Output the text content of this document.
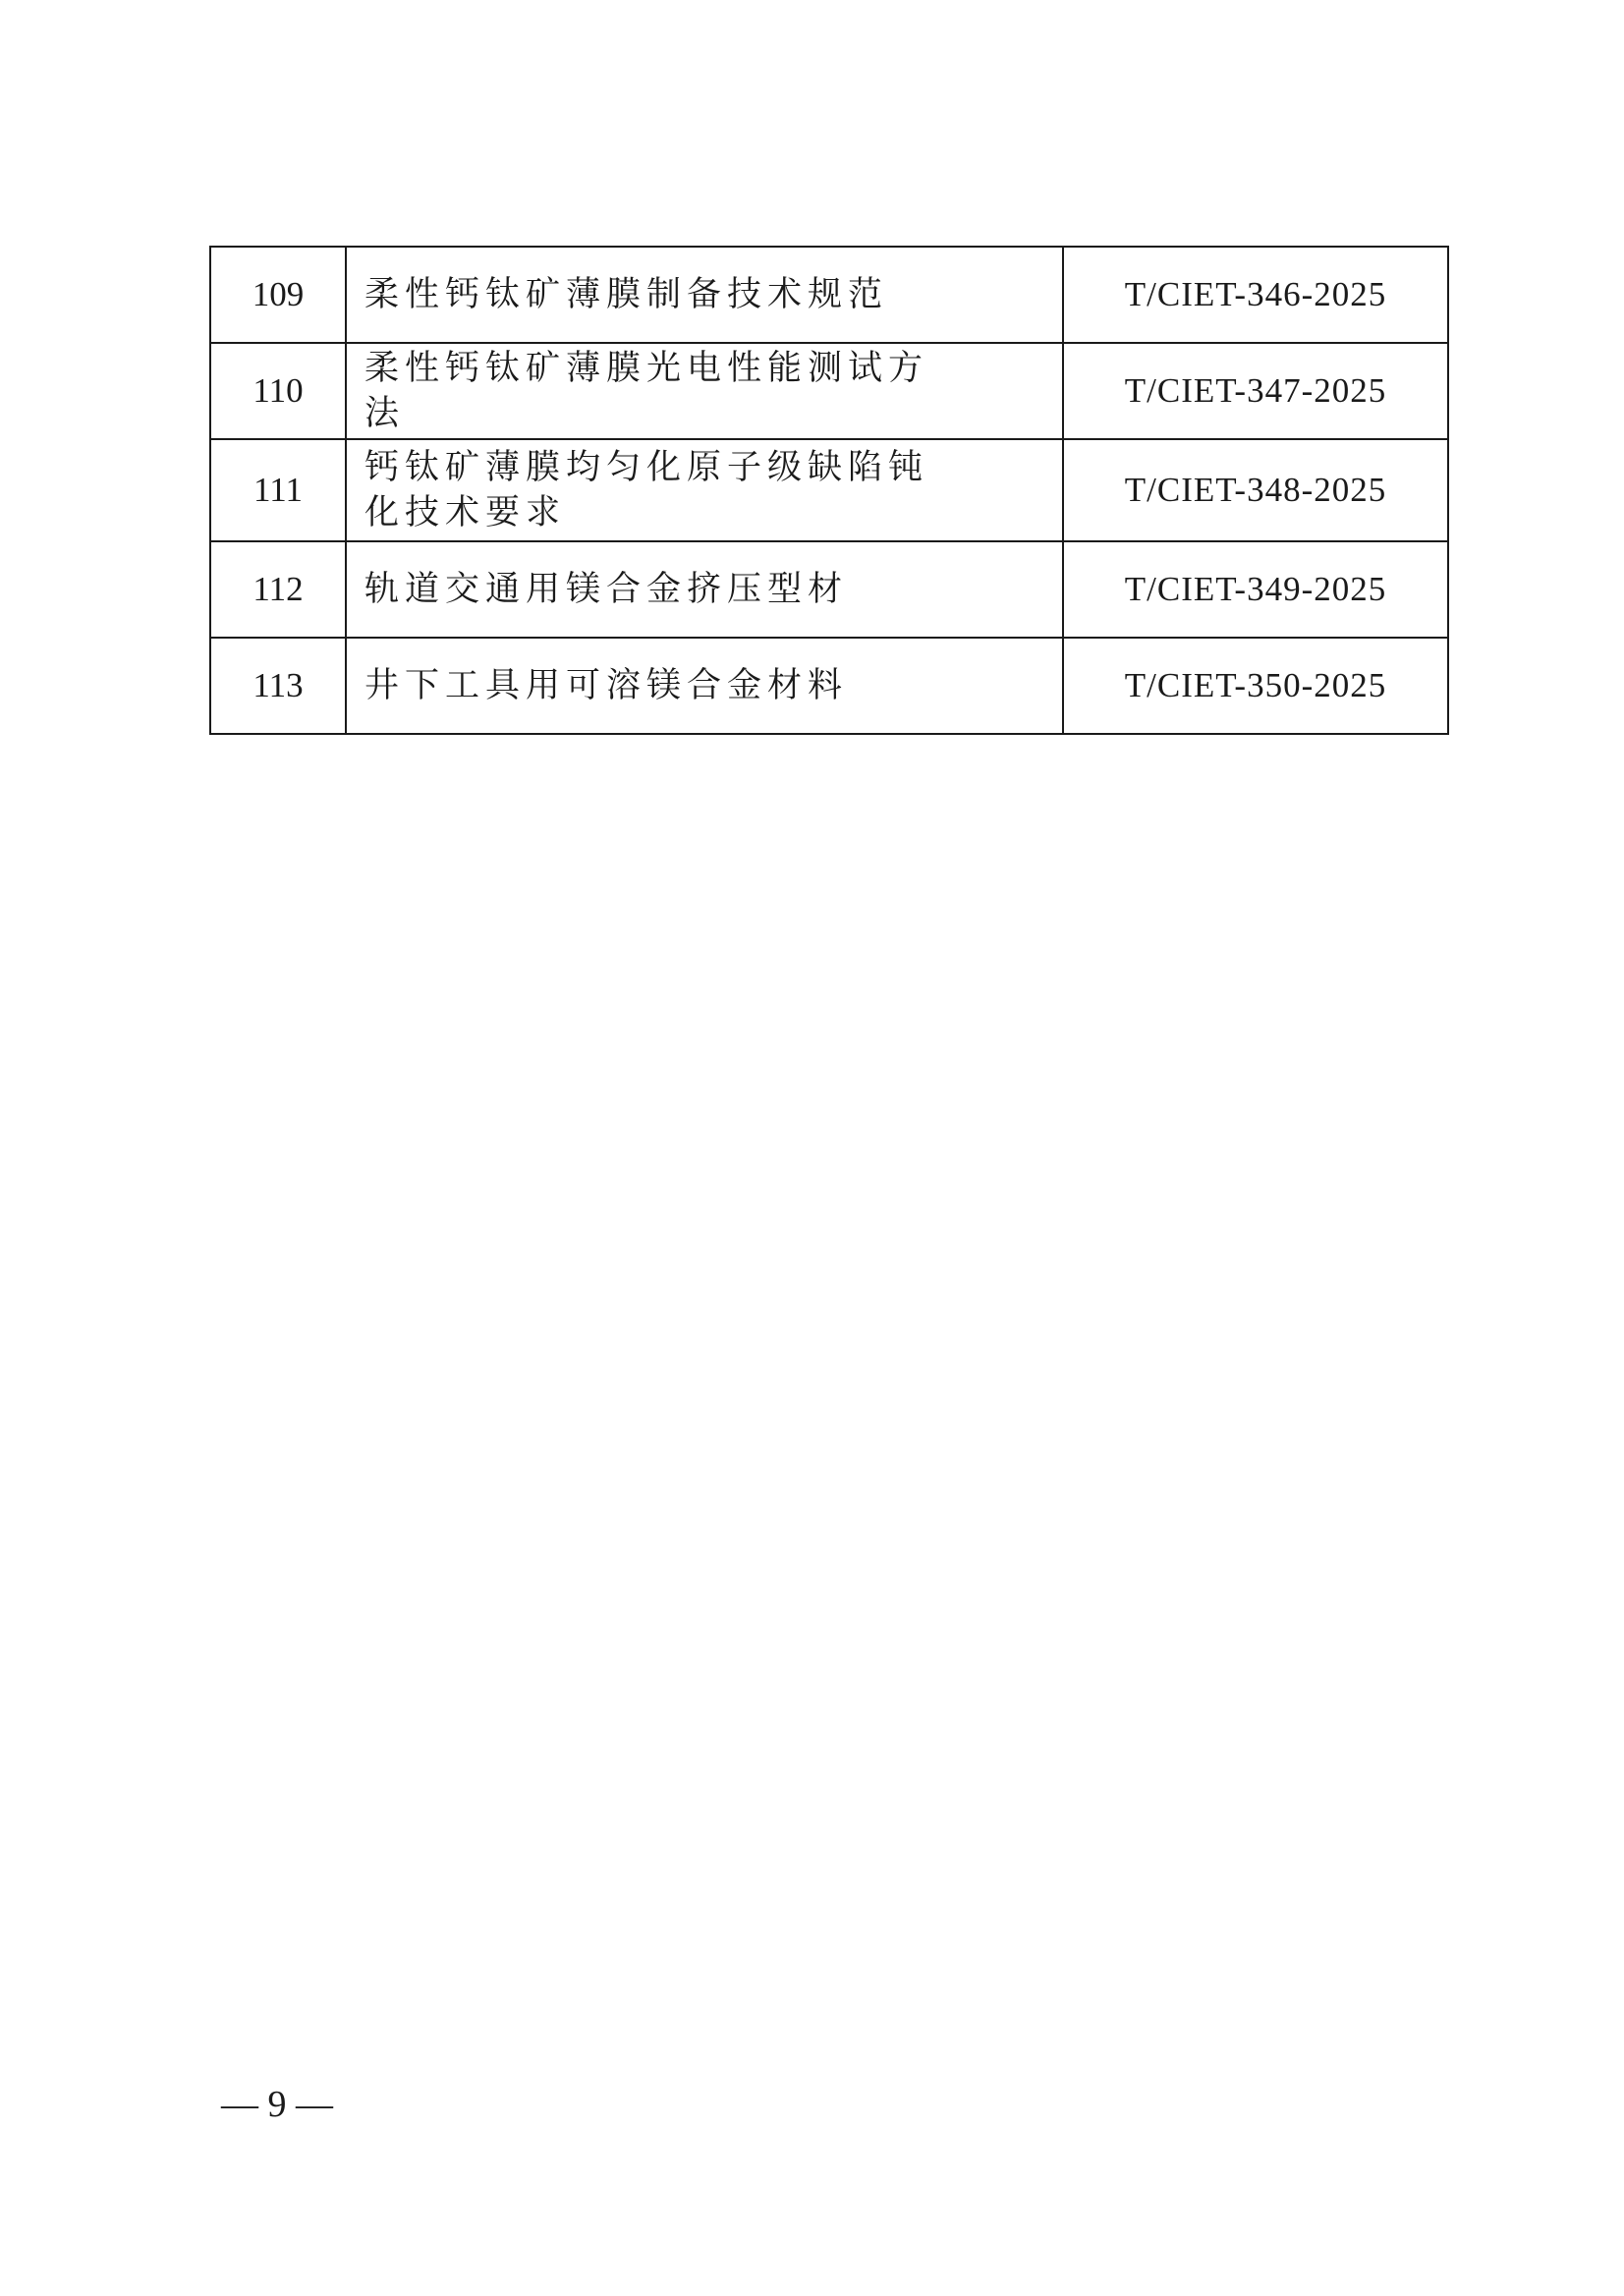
109	柔性钙钛矿薄膜制备技术规范	T/CIET-346-2025
110	柔性钙钛矿薄膜光电性能测试方法	T/CIET-347-2025
111	钙钛矿薄膜均匀化原子级缺陷钝化技术要求	T/CIET-348-2025
112	轨道交通用镁合金挤压型材	T/CIET-349-2025
113	井下工具用可溶镁合金材料	T/CIET-350-2025
— 9 —
